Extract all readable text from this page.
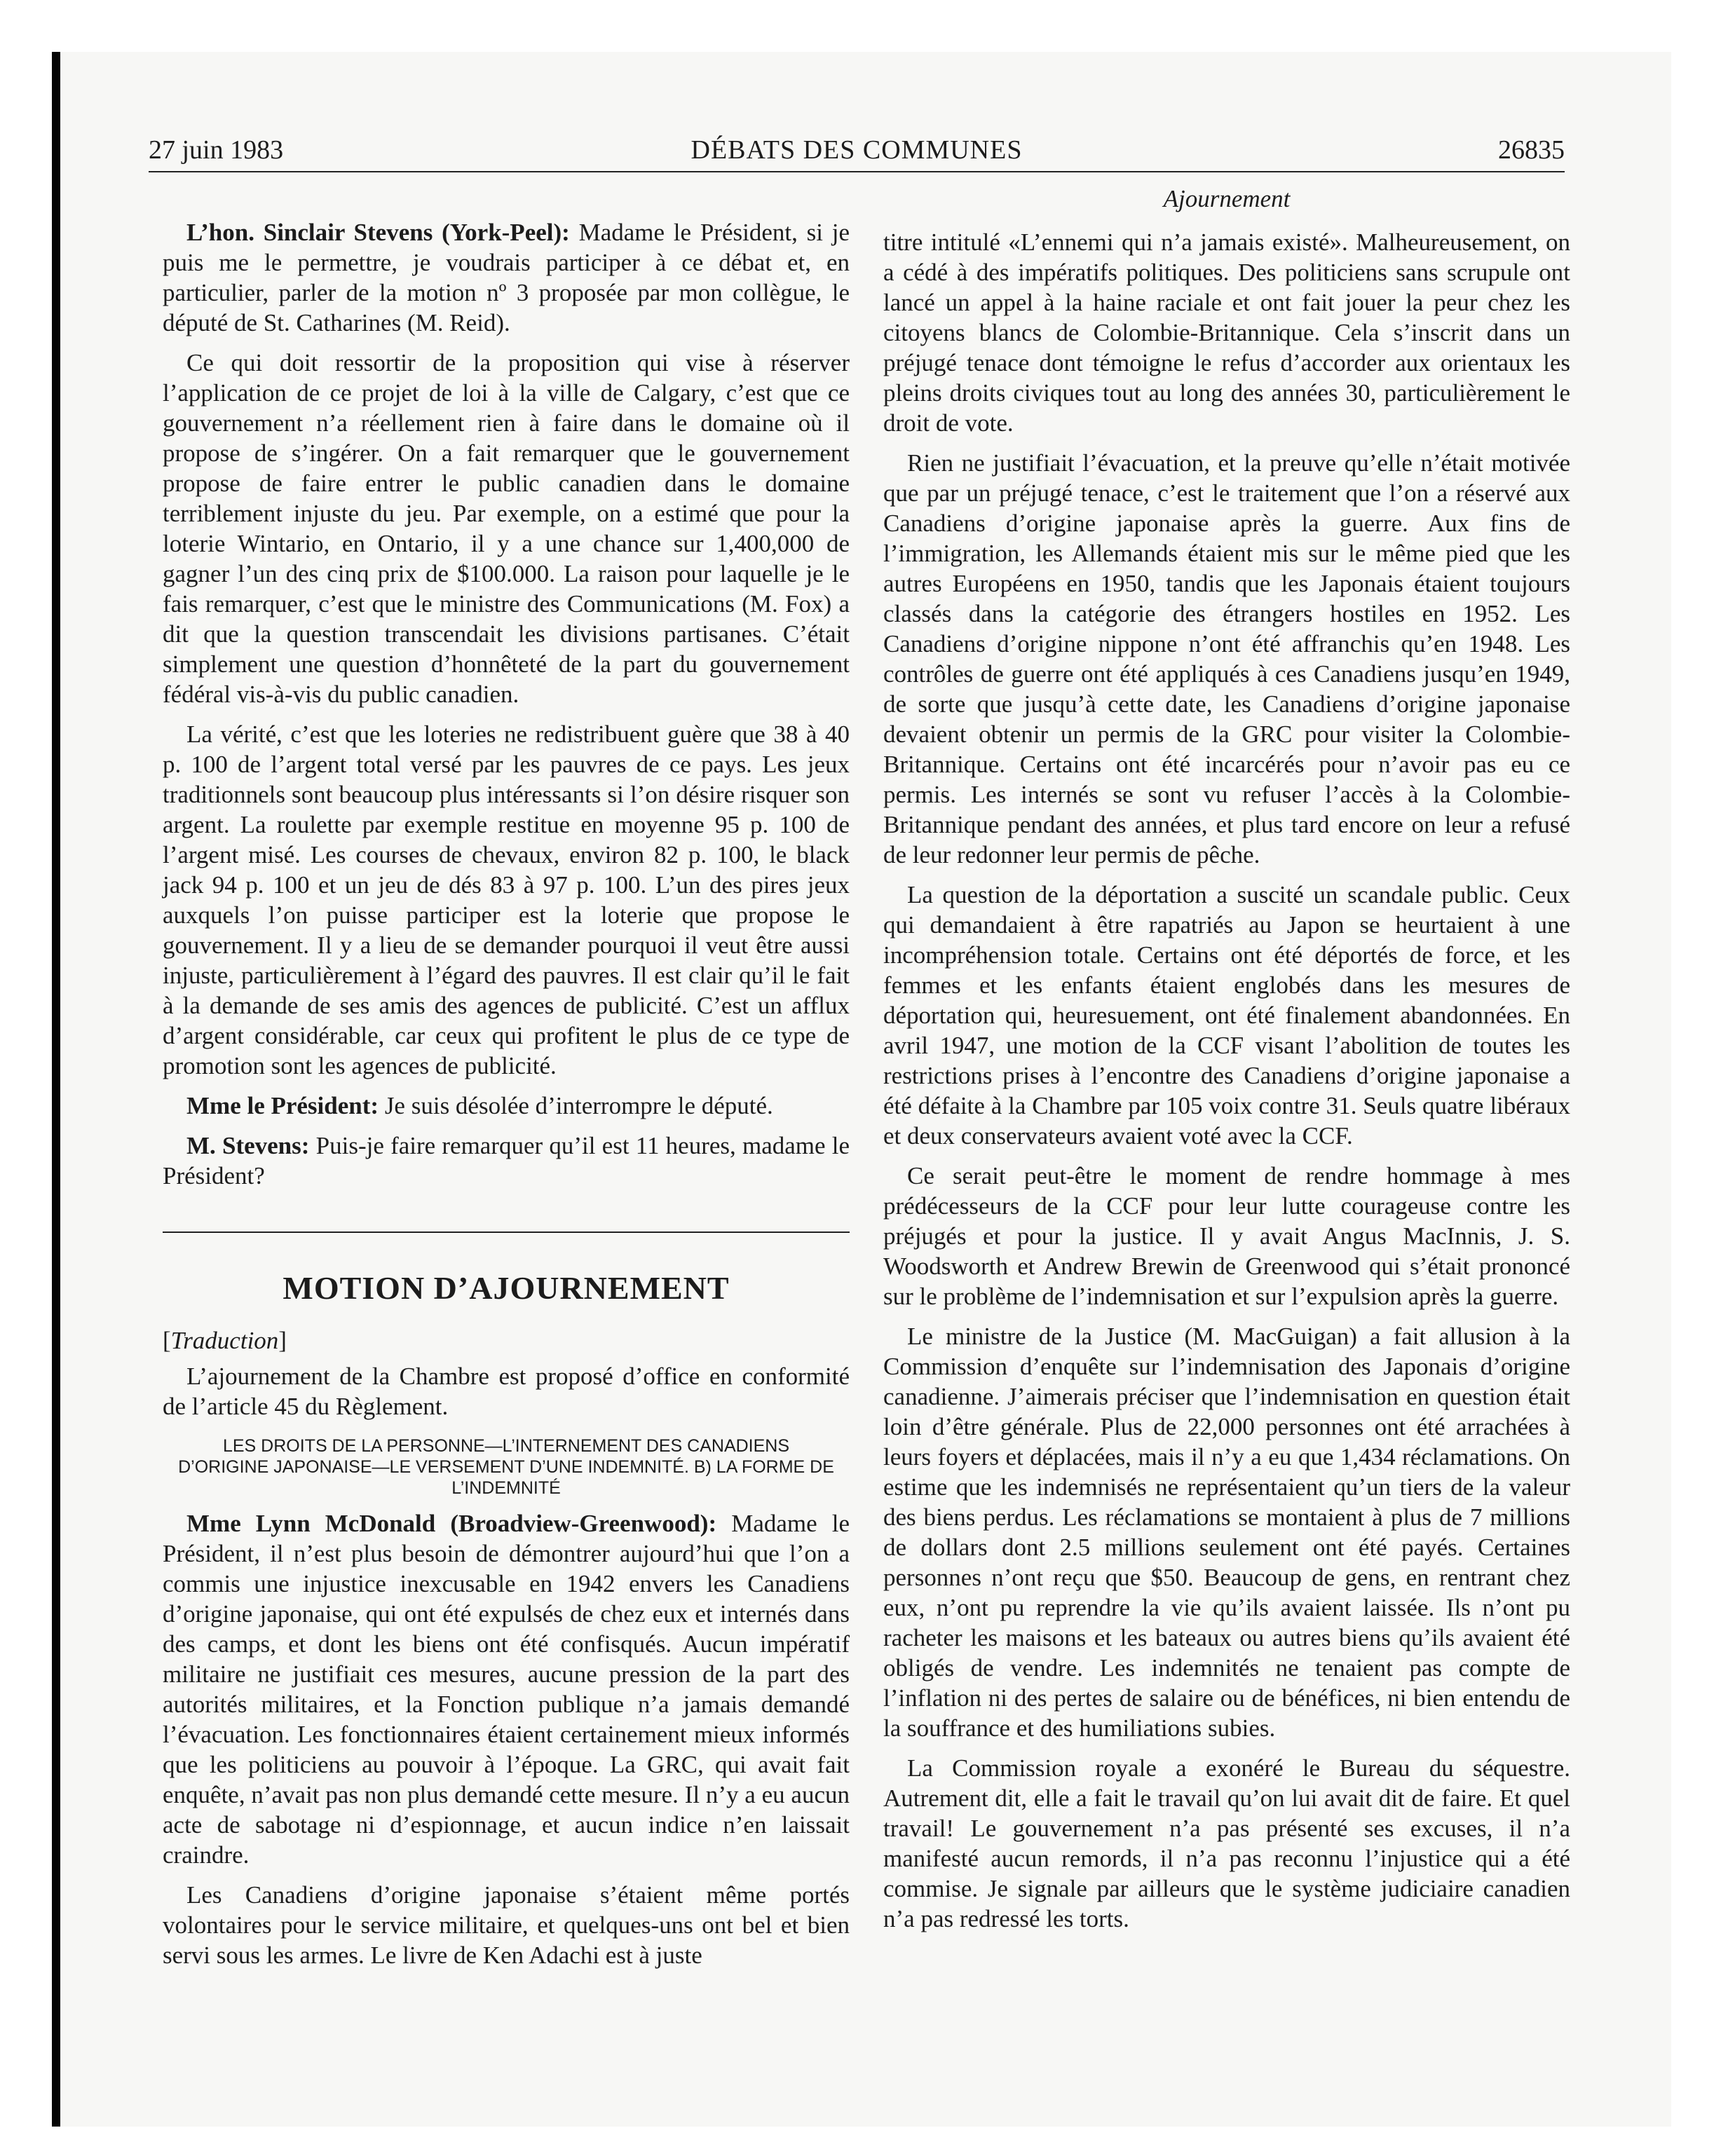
27 juin 1983	DÉBATS DES COMMUNES	26835

L’hon. Sinclair Stevens (York-Peel): Madame le Président, si je puis me le permettre, je voudrais participer à ce débat et, en particulier, parler de la motion nº 3 proposée par mon collègue, le député de St. Catharines (M. Reid).

Ce qui doit ressortir de la proposition qui vise à réserver l’application de ce projet de loi à la ville de Calgary, c’est que ce gouvernement n’a réellement rien à faire dans le domaine où il propose de s’ingérer. On a fait remarquer que le gouvernement propose de faire entrer le public canadien dans le domaine terriblement injuste du jeu. Par exemple, on a estimé que pour la loterie Wintario, en Ontario, il y a une chance sur 1,400,000 de gagner l’un des cinq prix de $100.000. La raison pour laquelle je le fais remarquer, c’est que le ministre des Communications (M. Fox) a dit que la question transcendait les divisions partisanes. C’était simplement une question d’honnêteté de la part du gouvernement fédéral vis-à-vis du public canadien.

La vérité, c’est que les loteries ne redistribuent guère que 38 à 40 p. 100 de l’argent total versé par les pauvres de ce pays. Les jeux traditionnels sont beaucoup plus intéressants si l’on désire risquer son argent. La roulette par exemple restitue en moyenne 95 p. 100 de l’argent misé. Les courses de chevaux, environ 82 p. 100, le black jack 94 p. 100 et un jeu de dés 83 à 97 p. 100. L’un des pires jeux auxquels l’on puisse participer est la loterie que propose le gouvernement. Il y a lieu de se demander pourquoi il veut être aussi injuste, particulièrement à l’égard des pauvres. Il est clair qu’il le fait à la demande de ses amis des agences de publicité. C’est un afflux d’argent considérable, car ceux qui profitent le plus de ce type de promotion sont les agences de publicité.

Mme le Président: Je suis désolée d’interrompre le député.

M. Stevens: Puis-je faire remarquer qu’il est 11 heures, madame le Président?

MOTION D’AJOURNEMENT
[Traduction]

L’ajournement de la Chambre est proposé d’office en conformité de l’article 45 du Règlement.

LES DROITS DE LA PERSONNE—L’INTERNEMENT DES CANADIENS D’ORIGINE JAPONAISE—LE VERSEMENT D’UNE INDEMNITÉ. B) LA FORME DE L’INDEMNITÉ

Mme Lynn McDonald (Broadview-Greenwood): Madame le Président, il n’est plus besoin de démontrer aujourd’hui que l’on a commis une injustice inexcusable en 1942 envers les Canadiens d’origine japonaise, qui ont été expulsés de chez eux et internés dans des camps, et dont les biens ont été confisqués. Aucun impératif militaire ne justifiait ces mesures, aucune pression de la part des autorités militaires, et la Fonction publique n’a jamais demandé l’évacuation. Les fonctionnaires étaient certainement mieux informés que les politiciens au pouvoir à l’époque. La GRC, qui avait fait enquête, n’avait pas non plus demandé cette mesure. Il n’y a eu aucun acte de sabotage ni d’espionnage, et aucun indice n’en laissait craindre.

Les Canadiens d’origine japonaise s’étaient même portés volontaires pour le service militaire, et quelques-uns ont bel et bien servi sous les armes. Le livre de Ken Adachi est à juste

Ajournement

titre intitulé «L’ennemi qui n’a jamais existé». Malheureusement, on a cédé à des impératifs politiques. Des politiciens sans scrupule ont lancé un appel à la haine raciale et ont fait jouer la peur chez les citoyens blancs de Colombie-Britannique. Cela s’inscrit dans un préjugé tenace dont témoigne le refus d’accorder aux orientaux les pleins droits civiques tout au long des années 30, particulièrement le droit de vote.

Rien ne justifiait l’évacuation, et la preuve qu’elle n’était motivée que par un préjugé tenace, c’est le traitement que l’on a réservé aux Canadiens d’origine japonaise après la guerre. Aux fins de l’immigration, les Allemands étaient mis sur le même pied que les autres Européens en 1950, tandis que les Japonais étaient toujours classés dans la catégorie des étrangers hostiles en 1952. Les Canadiens d’origine nippone n’ont été affranchis qu’en 1948. Les contrôles de guerre ont été appliqués à ces Canadiens jusqu’en 1949, de sorte que jusqu’à cette date, les Canadiens d’origine japonaise devaient obtenir un permis de la GRC pour visiter la Colombie-Britannique. Certains ont été incarcérés pour n’avoir pas eu ce permis. Les internés se sont vu refuser l’accès à la Colombie-Britannique pendant des années, et plus tard encore on leur a refusé de leur redonner leur permis de pêche.

La question de la déportation a suscité un scandale public. Ceux qui demandaient à être rapatriés au Japon se heurtaient à une incompréhension totale. Certains ont été déportés de force, et les femmes et les enfants étaient englobés dans les mesures de déportation qui, heuresuement, ont été finalement abandonnées. En avril 1947, une motion de la CCF visant l’abolition de toutes les restrictions prises à l’encontre des Canadiens d’origine japonaise a été défaite à la Chambre par 105 voix contre 31. Seuls quatre libéraux et deux conservateurs avaient voté avec la CCF.

Ce serait peut-être le moment de rendre hommage à mes prédécesseurs de la CCF pour leur lutte courageuse contre les préjugés et pour la justice. Il y avait Angus MacInnis, J. S. Woodsworth et Andrew Brewin de Greenwood qui s’était prononcé sur le problème de l’indemnisation et sur l’expulsion après la guerre.

Le ministre de la Justice (M. MacGuigan) a fait allusion à la Commission d’enquête sur l’indemnisation des Japonais d’origine canadienne. J’aimerais préciser que l’indemnisation en question était loin d’être générale. Plus de 22,000 personnes ont été arrachées à leurs foyers et déplacées, mais il n’y a eu que 1,434 réclamations. On estime que les indemnisés ne représentaient qu’un tiers de la valeur des biens perdus. Les réclamations se montaient à plus de 7 millions de dollars dont 2.5 millions seulement ont été payés. Certaines personnes n’ont reçu que $50. Beaucoup de gens, en rentrant chez eux, n’ont pu reprendre la vie qu’ils avaient laissée. Ils n’ont pu racheter les maisons et les bateaux ou autres biens qu’ils avaient été obligés de vendre. Les indemnités ne tenaient pas compte de l’inflation ni des pertes de salaire ou de bénéfices, ni bien entendu de la souffrance et des humiliations subies.

La Commission royale a exonéré le Bureau du séquestre. Autrement dit, elle a fait le travail qu’on lui avait dit de faire. Et quel travail! Le gouvernement n’a pas présenté ses excuses, il n’a manifesté aucun remords, il n’a pas reconnu l’injustice qui a été commise. Je signale par ailleurs que le système judiciaire canadien n’a pas redressé les torts.
